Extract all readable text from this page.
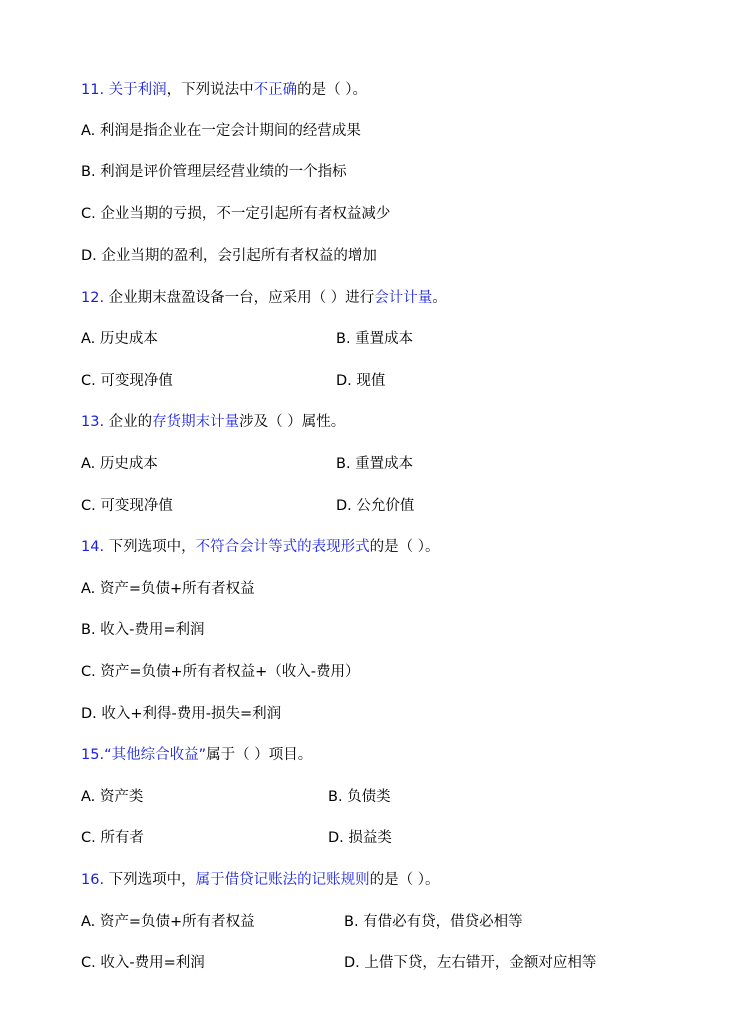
11. 关于利润，下列说法中不正确的是（ ）。
A. 利润是指企业在一定会计期间的经营成果
B. 利润是评价管理层经营业绩的一个指标
C. 企业当期的亏损，不一定引起所有者权益减少
D. 企业当期的盈利，会引起所有者权益的增加
12. 企业期末盘盈设备一台，应采用（ ）进行会计计量。
A. 历史成本	B. 重置成本
C. 可变现净值	D. 现值
13. 企业的存货期末计量涉及（ ）属性。
A. 历史成本	B. 重置成本
C. 可变现净值	D. 公允价值
14. 下列选项中，不符合会计等式的表现形式的是（ ）。
A. 资产=负债+所有者权益
B. 收入-费用=利润
C. 资产=负债+所有者权益+（收入-费用）
D. 收入+利得-费用-损失=利润
15.“其他综合收益”属于（ ）项目。
A. 资产类	B. 负债类
C. 所有者	D. 损益类
16. 下列选项中，属于借贷记账法的记账规则的是（ ）。
A. 资产=负债+所有者权益	B. 有借必有贷，借贷必相等
C. 收入-费用=利润	D. 上借下贷，左右错开，金额对应相等
